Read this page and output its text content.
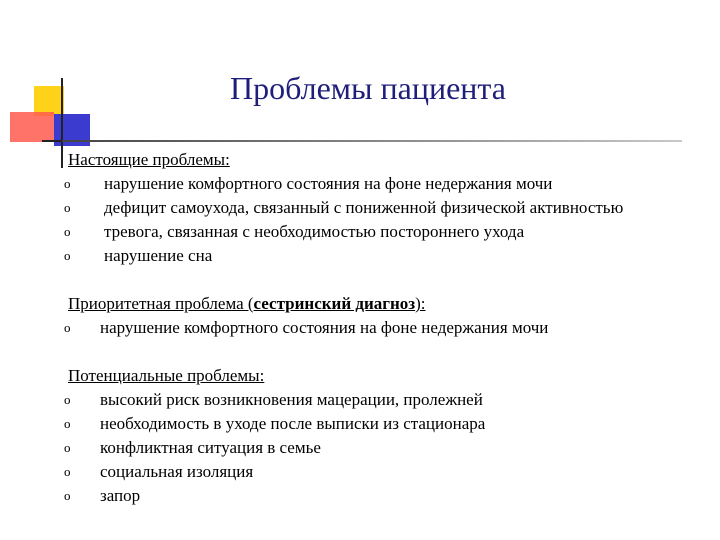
Проблемы пациента
Настоящие проблемы:
o нарушение комфортного состояния на фоне недержания мочи
o дефицит самоухода, связанный с пониженной физической активностью
o тревога, связанная с необходимостью постороннего ухода
o нарушение сна
Приоритетная проблема (сестринский диагноз):
o нарушение комфортного состояния на фоне недержания мочи
Потенциальные проблемы:
o высокий риск возникновения мацерации, пролежней
o необходимость в уходе после выписки из стационара
o конфликтная ситуация в семье
o социальная изоляция
o запор
